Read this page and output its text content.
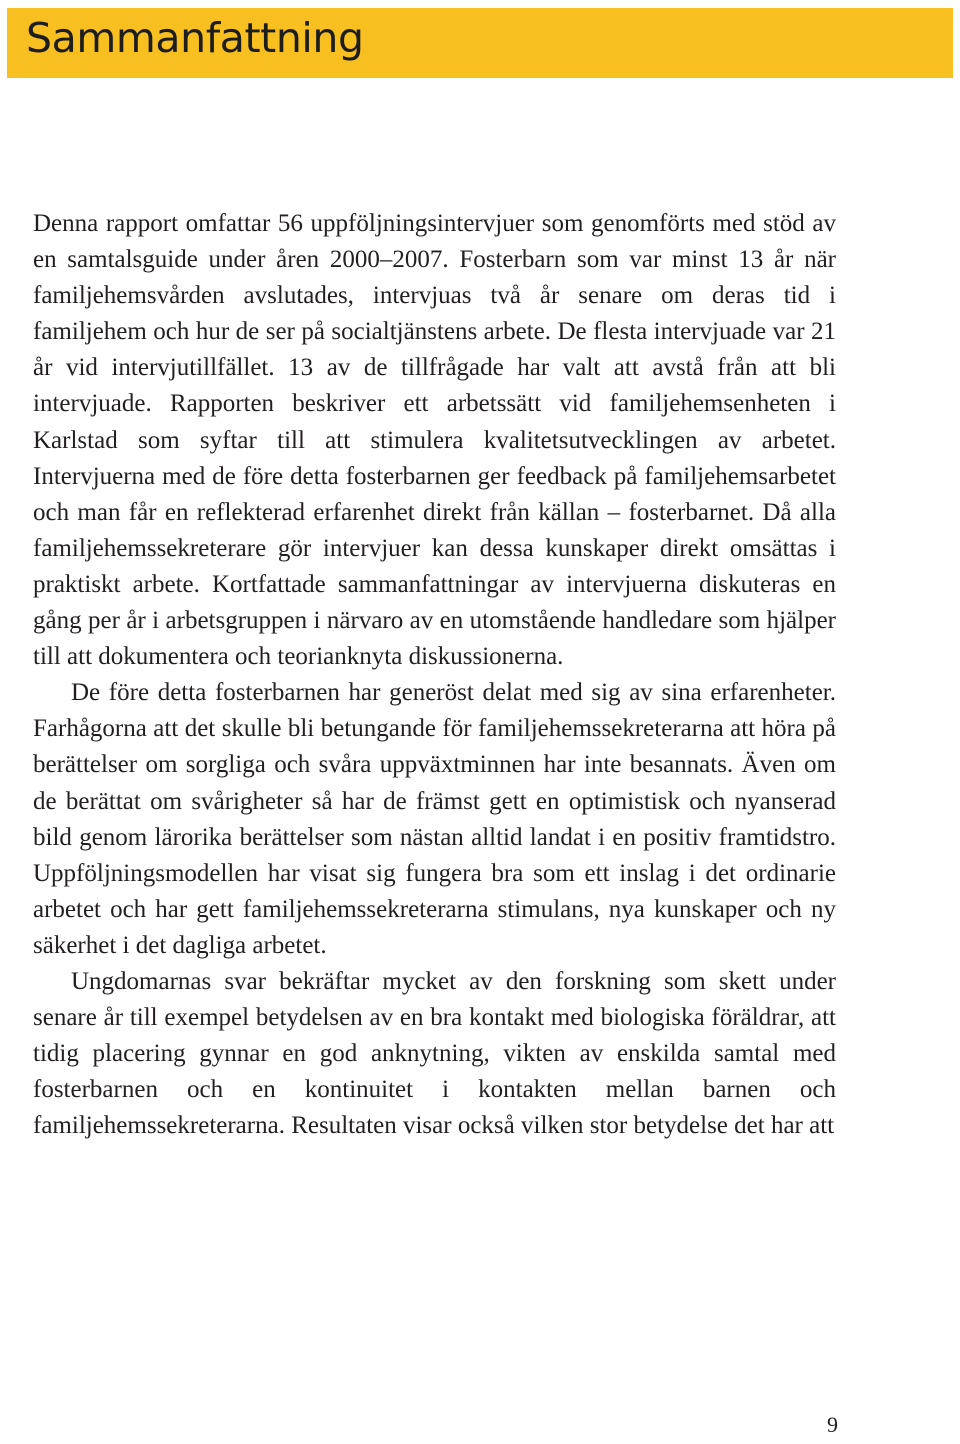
Sammanfattning

Denna rapport omfattar 56 uppföljningsintervjuer som genomförts med stöd av en samtalsguide under åren 2000–2007. Fosterbarn som var minst 13 år när familjehemsvården avslutades, intervjuas två år senare om deras tid i familjehem och hur de ser på socialtjänstens arbete. De flesta intervjuade var 21 år vid intervjutillfället. 13 av de tillfrågade har valt att avstå från att bli intervjuade. Rapporten beskriver ett arbetssätt vid familjehemsenheten i Karlstad som syftar till att stimulera kvalitetsutvecklingen av arbetet. Intervjuerna med de före detta fosterbarnen ger feedback på familjehemsarbetet och man får en reflekterad erfarenhet direkt från källan – fosterbarnet. Då alla familjehemssekreterare gör intervjuer kan dessa kunskaper direkt omsättas i praktiskt arbete. Kortfattade sammanfattningar av intervjuerna diskuteras en gång per år i arbetsgruppen i närvaro av en utomstående handledare som hjälper till att dokumentera och teorianknyta diskussionerna.

De före detta fosterbarnen har generöst delat med sig av sina erfarenheter. Farhågorna att det skulle bli betungande för familjehemssekreterarna att höra på berättelser om sorgliga och svåra uppväxtminnen har inte besannats. Även om de berättat om svårigheter så har de främst gett en optimistisk och nyanserad bild genom lärorika berättelser som nästan alltid landat i en positiv framtidstro. Uppföljningsmodellen har visat sig fungera bra som ett inslag i det ordinarie arbetet och har gett familjehemssekreterarna stimulans, nya kunskaper och ny säkerhet i det dagliga arbetet.

Ungdomarnas svar bekräftar mycket av den forskning som skett under senare år till exempel betydelsen av en bra kontakt med biologiska föräldrar, att tidig placering gynnar en god anknytning, vikten av enskilda samtal med fosterbarnen och en kontinuitet i kontakten mellan barnen och familjehemssekreterarna. Resultaten visar också vilken stor betydelse det har att

9
